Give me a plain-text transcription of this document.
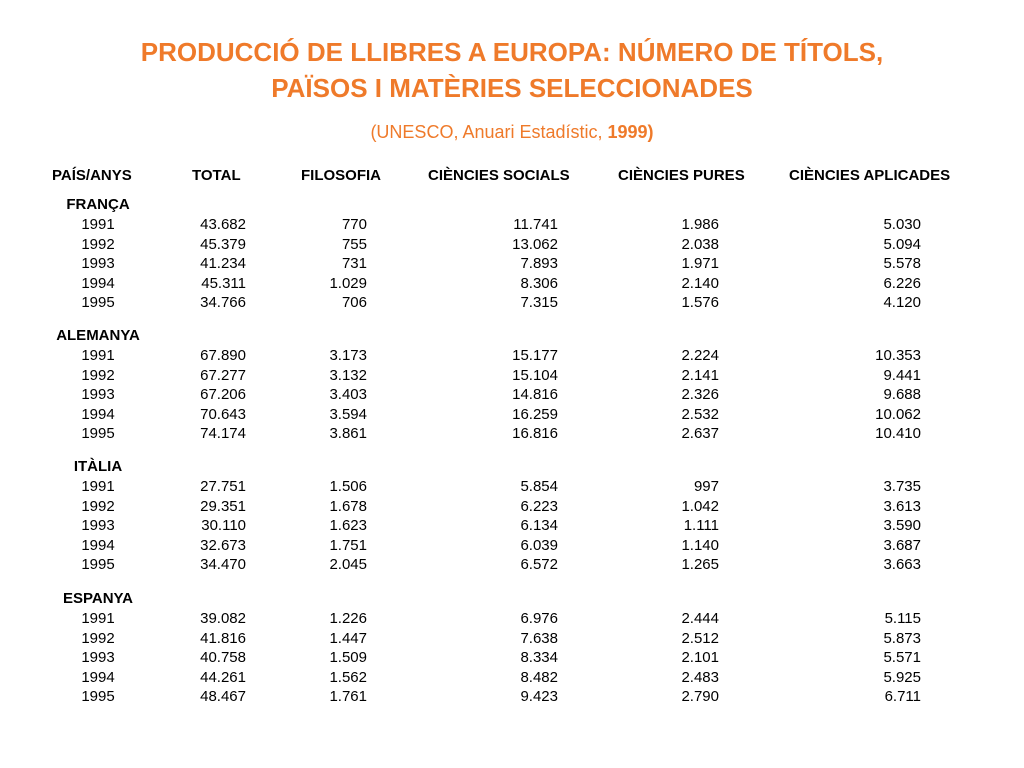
PRODUCCIÓ DE LLIBRES A EUROPA: NÚMERO DE TÍTOLS,
PAÏSOS I MATÈRIES SELECCIONADES
(UNESCO, Anuari Estadístic, 1999)
PAÍS/ANYS	TOTAL	FILOSOFIA	CIÈNCIES SOCIALS	CIÈNCIES PURES	CIÈNCIES APLICADES
FRANÇA
1991	43.682	770	11.741	1.986	5.030
1992	45.379	755	13.062	2.038	5.094
1993	41.234	731	7.893	1.971	5.578
1994	45.311	1.029	8.306	2.140	6.226
1995	34.766	706	7.315	1.576	4.120
ALEMANYA
1991	67.890	3.173	15.177	2.224	10.353
1992	67.277	3.132	15.104	2.141	9.441
1993	67.206	3.403	14.816	2.326	9.688
1994	70.643	3.594	16.259	2.532	10.062
1995	74.174	3.861	16.816	2.637	10.410
ITÀLIA
1991	27.751	1.506	5.854	997	3.735
1992	29.351	1.678	6.223	1.042	3.613
1993	30.110	1.623	6.134	1.111	3.590
1994	32.673	1.751	6.039	1.140	3.687
1995	34.470	2.045	6.572	1.265	3.663
ESPANYA
1991	39.082	1.226	6.976	2.444	5.115
1992	41.816	1.447	7.638	2.512	5.873
1993	40.758	1.509	8.334	2.101	5.571
1994	44.261	1.562	8.482	2.483	5.925
1995	48.467	1.761	9.423	2.790	6.711
